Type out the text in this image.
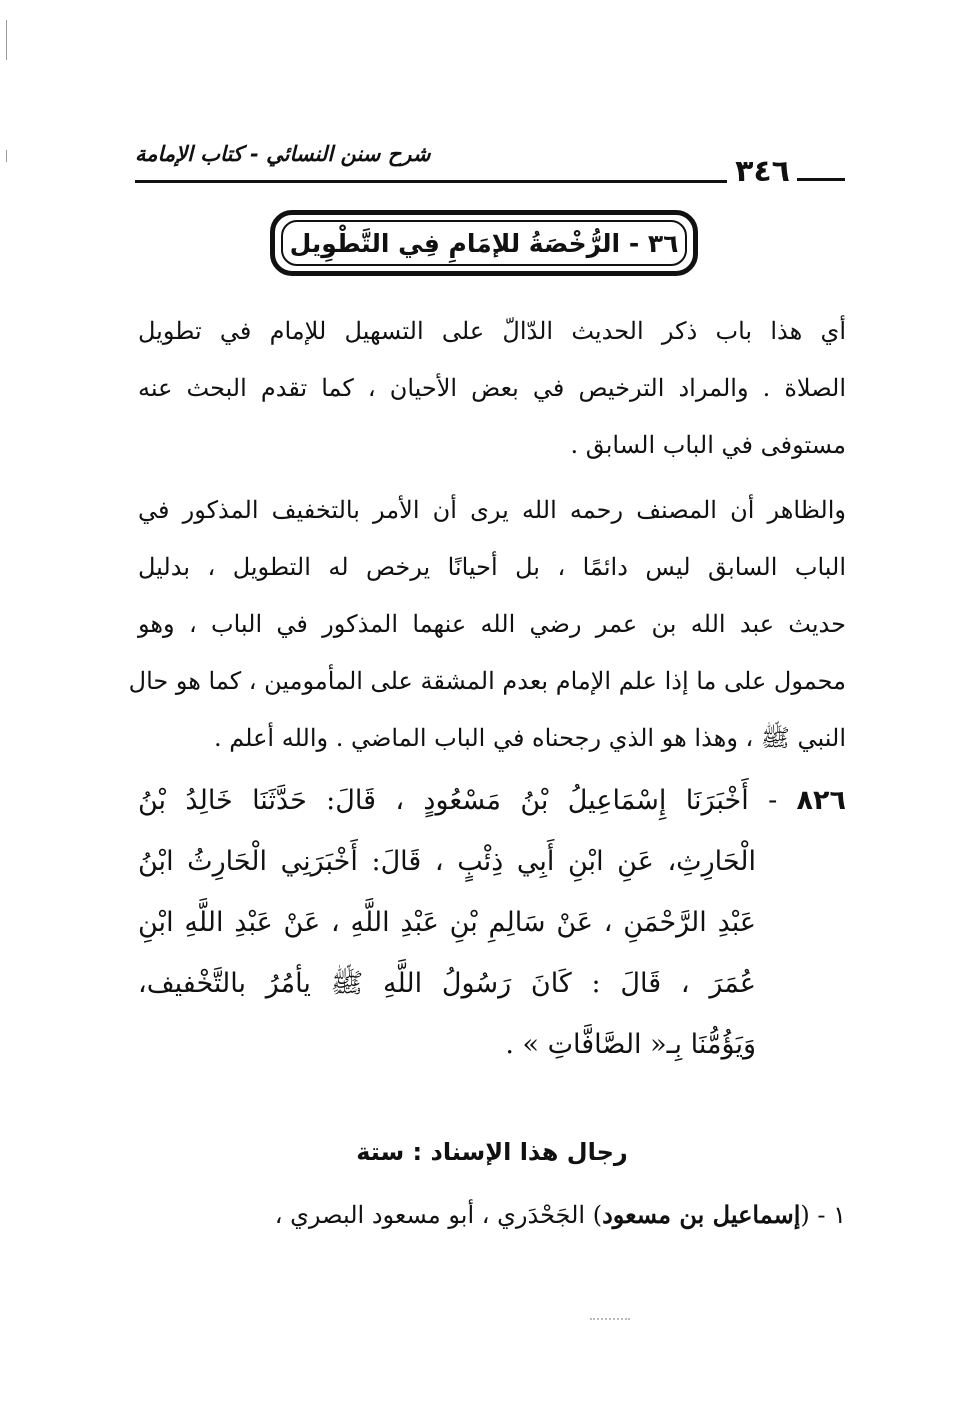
٣٤٦
شرح سنن النسائي - كتاب الإمامة
٣٦ - الرُّخْصَةُ للإمَامِ فِي التَّطْوِيل
أي هذا باب ذكر الحديث الدّالّ على التسهيل للإمام في تطويل
الصلاة . والمراد الترخيص في بعض الأحيان ، كما تقدم البحث عنه
مستوفى في الباب السابق .
والظاهر أن المصنف رحمه الله يرى أن الأمر بالتخفيف المذكور في
الباب السابق ليس دائمًا ، بل أحيانًا يرخص له التطويل ، بدليل
حديث عبد الله بن عمر رضي الله عنهما المذكور في الباب ، وهو
محمول على ما إذا علم الإمام بعدم المشقة على المأمومين ، كما هو حال
النبي ﷺ ، وهذا هو الذي رجحناه في الباب الماضي . والله أعلم .
٨٢٦ - أَخْبَرَنَا إِسْمَاعِيلُ بْنُ مَسْعُودٍ ، قَالَ: حَدَّثَنَا خَالِدُ بْنُ
الْحَارِثِ، عَنِ ابْنِ أَبِي ذِئْبٍ ، قَالَ: أَخْبَرَنِي الْحَارِثُ ابْنُ
عَبْدِ الرَّحْمَنِ ، عَنْ سَالِمِ بْنِ عَبْدِ اللَّهِ ، عَنْ عَبْدِ اللَّهِ ابْنِ
عُمَرَ ، قَالَ : كَانَ رَسُولُ اللَّهِ ﷺ يأمُرُ بالتَّخْفيف،
وَيَؤُمُّنَا بِـ« الصَّافَّاتِ » .
رجال هذا الإسناد : ستة
١ - (إسماعيل بن مسعود) الجَحْدَري ، أبو مسعود البصري ،
